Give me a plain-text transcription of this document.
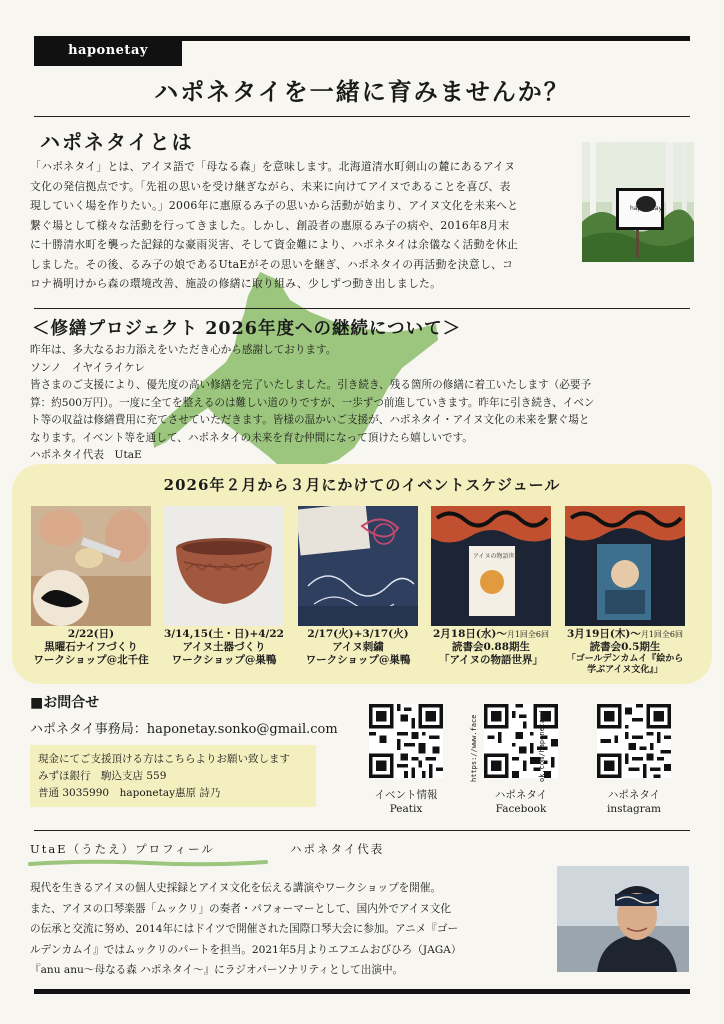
haponetay
ハポネタイを一緒に育みませんか？
ハポネタイとは
「ハポネタイ」とは、アイヌ語で「母なる森」を意味します。北海道清水町剣山の麓にあるアイヌ
文化の発信拠点です。「先祖の思いを受け継ぎながら、未来に向けてアイヌであることを喜び、表
現していく場を作りたい。」2006年に惠原るみ子の思いから活動が始まり、アイヌ文化を未来へと
繋ぐ場として様々な活動を行ってきました。しかし、創設者の惠原るみ子の病や、2016年8月末
に十勝清水町を襲った記録的な豪雨災害、そして資金難により、ハポネタイは余儀なく活動を休止
しました。その後、るみ子の娘であるUtaEがその思いを継ぎ、ハポネタイの再活動を決意し、コ
ロナ禍明けから森の環境改善、施設の修繕に取り組み、少しずつ動き出しました。
haponetay
＜修繕プロジェクト 2026年度への継続について＞
昨年は、多大なるお力添えをいただき心から感謝しております。
ソンノ　イヤイライケレ
皆さまのご支援により、優先度の高い修繕を完了いたしました。引き続き、残る箇所の修繕に着工いたします（必要予
算：約500万円）。一度に全てを整えるのは難しい道のりですが、一歩ずつ前進していきます。昨年に引き続き、イベン
ト等の収益は修繕費用に充てさせていただきます。皆様の温かいご支援が、ハポネタイ・アイヌ文化の未来を繋ぐ場と
なります。イベント等を通して、ハポネタイの未来を育む仲間になって頂けたら嬉しいです。
ハポネタイ代表　UtaE
2026年２月から３月にかけてのイベントスケジュール
アイヌの物語世界
2/22(日)
黒曜石ナイフづくり
ワークショップ@北千住
3/14,15(土・日)+4/22
アイヌ土器づくり
ワークショップ@巣鴨
2/17(火)+3/17(火)
アイヌ刺繍
ワークショップ@巣鴨
2月18日(水)〜月1回全6回
読書会0.88期生
「アイヌの物語世界」
3月19日(木)〜月1回全6回
読書会0.5期生
「ゴールデンカムイ『絵から
学ぶアイヌ文化』」
■お問合せ
ハポネタイ事務局：haponetay.sonko@gmail.com
現金にてご支援頂ける方はこちらよりお願い致します
みずほ銀行　駒込支店 559
普通 3035990　haponetay惠原 詩乃
ok.com/haponetay/
https://www.face
イベント情報
Peatix
ハポネタイ
Facebook
ハポネタイ
instagram
UtaE（うたえ）プロフィール	ハポネタイ代表
現代を生きるアイヌの個人史採録とアイヌ文化を伝える講演やワークショップを開催。
また、アイヌの口琴楽器「ムックリ」の奏者・パフォーマーとして、国内外でアイヌ文化
の伝承と交流に努め、2014年にはドイツで開催された国際口琴大会に参加。アニメ『ゴー
ルデンカムイ』ではムックリのパートを担当。2021年5月よりエフエムおびひろ（JAGA）
『anu anu〜母なる森 ハポネタイ〜』にラジオパーソナリティとして出演中。
